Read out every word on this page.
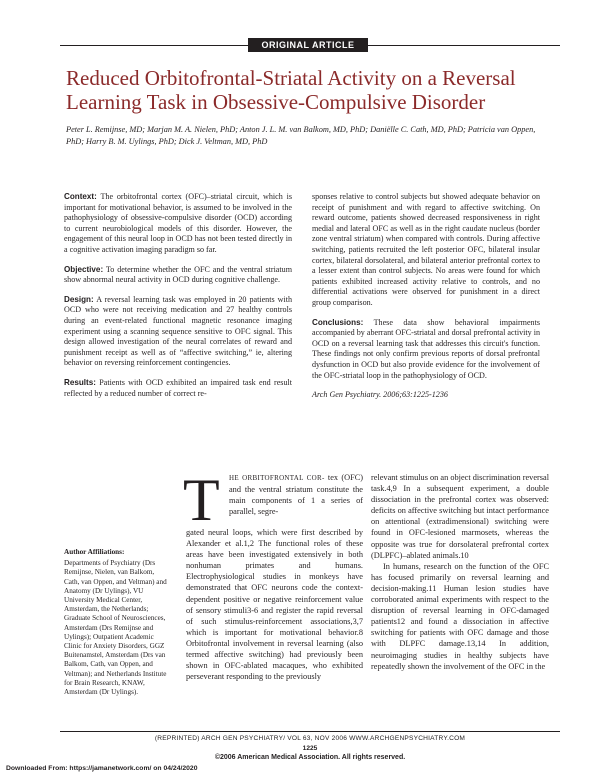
ORIGINAL ARTICLE
Reduced Orbitofrontal-Striatal Activity on a Reversal Learning Task in Obsessive-Compulsive Disorder
Peter L. Remijnse, MD; Marjan M. A. Nielen, PhD; Anton J. L. M. van Balkom, MD, PhD; Daniëlle C. Cath, MD, PhD; Patricia van Oppen, PhD; Harry B. M. Uylings, PhD; Dick J. Veltman, MD, PhD

Context: The orbitofrontal cortex (OFC)–striatal circuit, which is important for motivational behavior, is assumed to be involved in the pathophysiology of obsessive-compulsive disorder (OCD) according to current neurobiological models of this disorder. However, the engagement of this neural loop in OCD has not been tested directly in a cognitive activation imaging paradigm so far.

Objective: To determine whether the OFC and the ventral striatum show abnormal neural activity in OCD during cognitive challenge.

Design: A reversal learning task was employed in 20 patients with OCD who were not receiving medication and 27 healthy controls during an event-related functional magnetic resonance imaging experiment using a scanning sequence sensitive to OFC signal. This design allowed investigation of the neural correlates of reward and punishment receipt as well as of “affective switching,” ie, altering behavior on reversing reinforcement contingencies.

Results: Patients with OCD exhibited an impaired task end result reflected by a reduced number of correct re-

sponses relative to control subjects but showed adequate behavior on receipt of punishment and with regard to affective switching. On reward outcome, patients showed decreased responsiveness in right medial and lateral OFC as well as in the right caudate nucleus (border zone ventral striatum) when compared with controls. During affective switching, patients recruited the left posterior OFC, bilateral insular cortex, bilateral dorsolateral, and bilateral anterior prefrontal cortex to a lesser extent than control subjects. No areas were found for which patients exhibited increased activity relative to controls, and no differential activations were observed for punishment in a direct group comparison.

Conclusions: These data show behavioral impairments accompanied by aberrant OFC-striatal and dorsal prefrontal activity in OCD on a reversal learning task that addresses this circuit's function. These findings not only confirm previous reports of dorsal prefrontal dysfunction in OCD but also provide evidence for the involvement of the OFC-striatal loop in the pathophysiology of OCD.

Arch Gen Psychiatry. 2006;63:1225-1236

Author Affiliations:
Departments of Psychiatry (Drs Remijnse, Nielen, van Balkom, Cath, van Oppen, and Veltman) and Anatomy (Dr Uylings), VU University Medical Center, Amsterdam, the Netherlands; Graduate School of Neurosciences, Amsterdam (Drs Remijnse and Uylings); Outpatient Academic Clinic for Anxiety Disorders, GGZ Buitenamstel, Amsterdam (Drs van Balkom, Cath, van Oppen, and Veltman); and Netherlands Institute for Brain Research, KNAW, Amsterdam (Dr Uylings).
T HE ORBITOFRONTAL COR- tex (OFC) and the ventral striatum constitute the main components of 1 a series of parallel, segre-
gated neural loops, which were first described by Alexander et al.1,2 The functional roles of these areas have been investigated extensively in both nonhuman primates and humans. Electrophysiological studies in monkeys have demonstrated that OFC neurons code the context-dependent positive or negative reinforcement value of sensory stimuli3-6 and register the rapid reversal of such stimulus-reinforcement associations,3,7 which is important for motivational behavior.8 Orbitofrontal involvement in reversal learning (also termed affective switching) had previously been shown in OFC-ablated macaques, who exhibited perseverant responding to the previously

relevant stimulus on an object discrimination reversal task.4,9 In a subsequent experiment, a double dissociation in the prefrontal cortex was observed: deficits on affective switching but intact performance on attentional (extradimensional) switching were found in OFC-lesioned marmosets, whereas the opposite was true for dorsolateral prefrontal cortex (DLPFC)–ablated animals.10

In humans, research on the function of the OFC has focused primarily on reversal learning and decision-making.11 Human lesion studies have corroborated animal experiments with respect to the disruption of reversal learning in OFC-damaged patients12 and found a dissociation in affective switching for patients with OFC damage and those with DLPFC damage.13,14 In addition, neuroimaging studies in healthy subjects have repeatedly shown the involvement of the OFC in the

(REPRINTED) ARCH GEN PSYCHIATRY/ VOL 63, NOV 2006 WWW.ARCHGENPSYCHIATRY.COM
1225
©2006 American Medical Association. All rights reserved.
Downloaded From: https://jamanetwork.com/ on 04/24/2020
